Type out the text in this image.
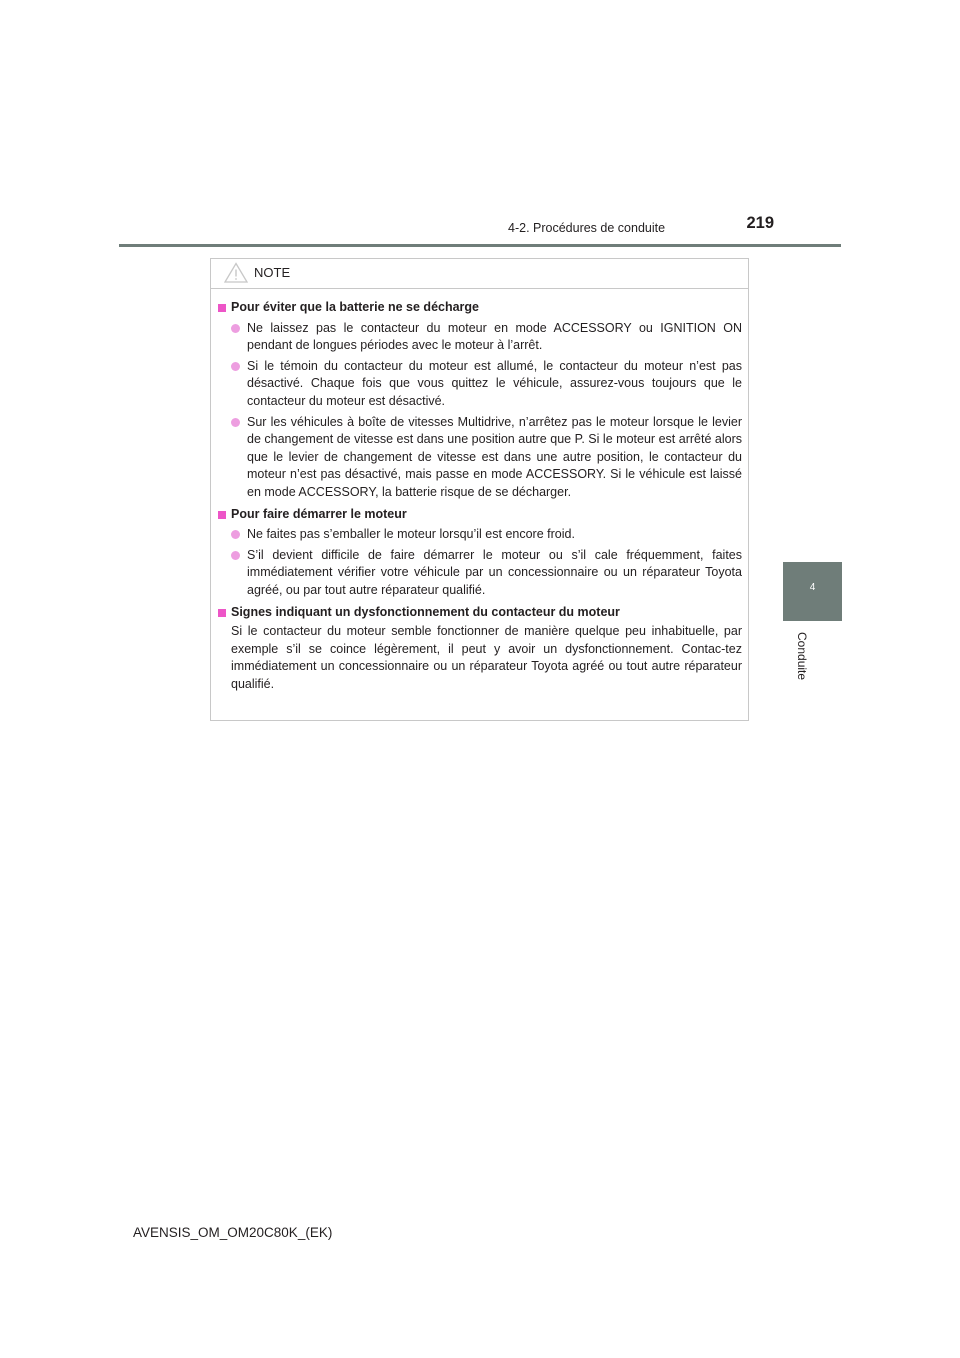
4-2. Procédures de conduite	219
4
Conduite
NOTE
Pour éviter que la batterie ne se décharge
Ne laissez pas le contacteur du moteur en mode ACCESSORY ou IGNITION ON pendant de longues périodes avec le moteur à l’arrêt.
Si le témoin du contacteur du moteur est allumé, le contacteur du moteur n’est pas désactivé. Chaque fois que vous quittez le véhicule, assurez-vous toujours que le contacteur du moteur est désactivé.
Sur les véhicules à boîte de vitesses Multidrive, n’arrêtez pas le moteur lorsque le levier de changement de vitesse est dans une position autre que P. Si le moteur est arrêté alors que le levier de changement de vitesse est dans une autre position, le contacteur du moteur n’est pas désactivé, mais passe en mode ACCESSORY. Si le véhicule est laissé en mode ACCESSORY, la batterie risque de se décharger.
Pour faire démarrer le moteur
Ne faites pas s’emballer le moteur lorsqu’il est encore froid.
S’il devient difficile de faire démarrer le moteur ou s’il cale fréquemment, faites immédiatement vérifier votre véhicule par un concessionnaire ou un réparateur Toyota agréé, ou par tout autre réparateur qualifié.
Signes indiquant un dysfonctionnement du contacteur du moteur
Si le contacteur du moteur semble fonctionner de manière quelque peu inhabituelle, par exemple s’il se coince légèrement, il peut y avoir un dysfonctionnement. Contac-tez immédiatement un concessionnaire ou un réparateur Toyota agréé ou tout autre réparateur qualifié.
AVENSIS_OM_OM20C80K_(EK)
